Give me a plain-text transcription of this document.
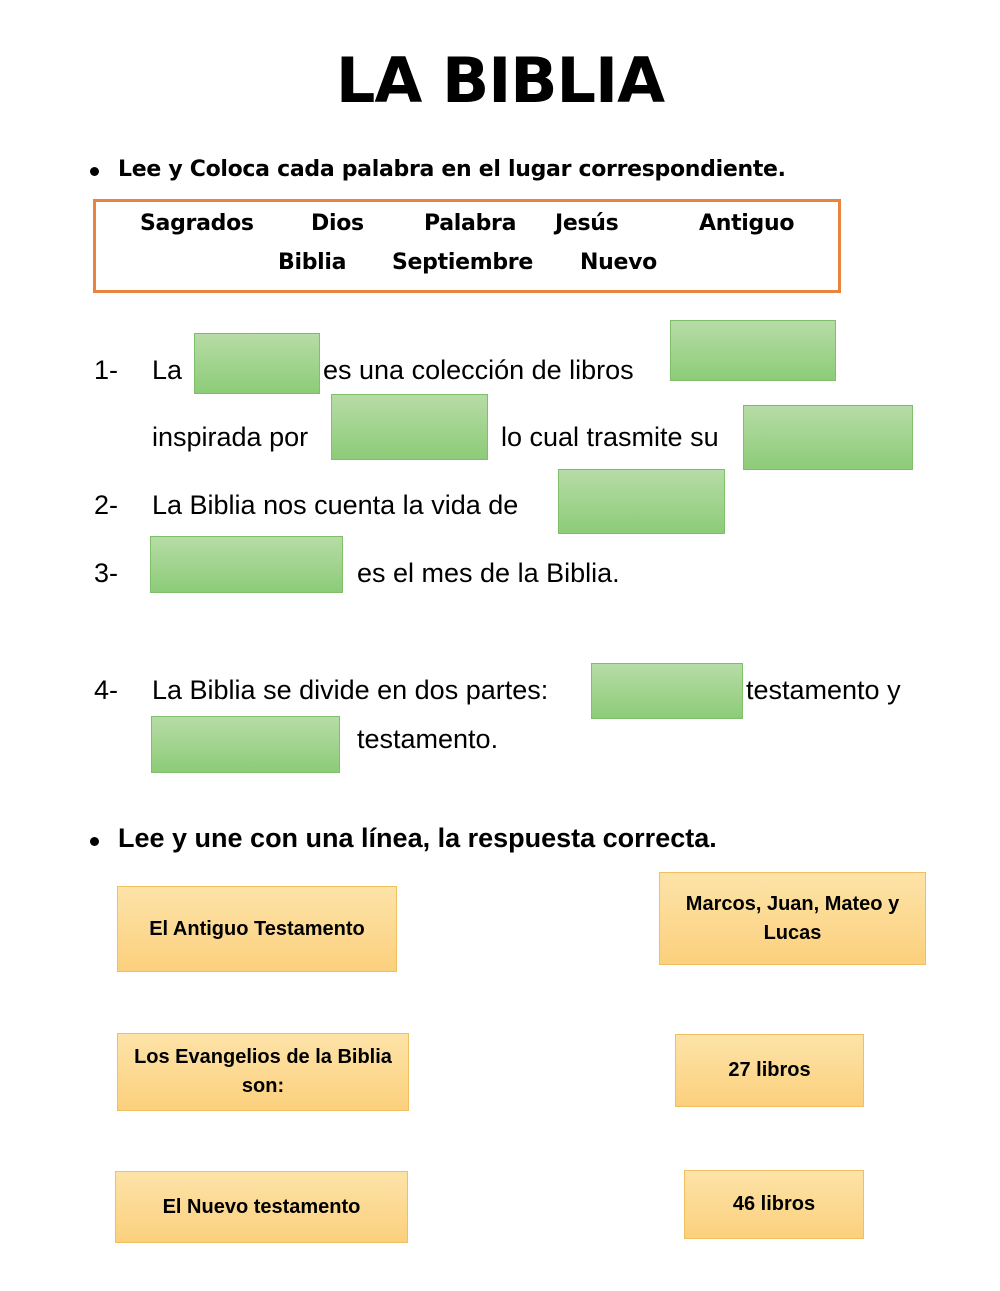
LA BIBLIA
Lee y Coloca cada palabra en el lugar correspondiente.
Sagrados	Dios	Palabra Jesús	Antiguo
Biblia Septiembre Nuevo
1- La	es una colección de libros
inspirada por	lo cual trasmite su
2- La Biblia nos cuenta la vida de
3-	es el mes de la Biblia.
4- La Biblia se divide en dos partes:	testamento y
testamento.
Lee y une con una línea, la respuesta correcta.
El Antiguo Testamento
Los Evangelios de la Biblia son:
El Nuevo testamento
Marcos, Juan, Mateo y Lucas
27 libros
46 libros
